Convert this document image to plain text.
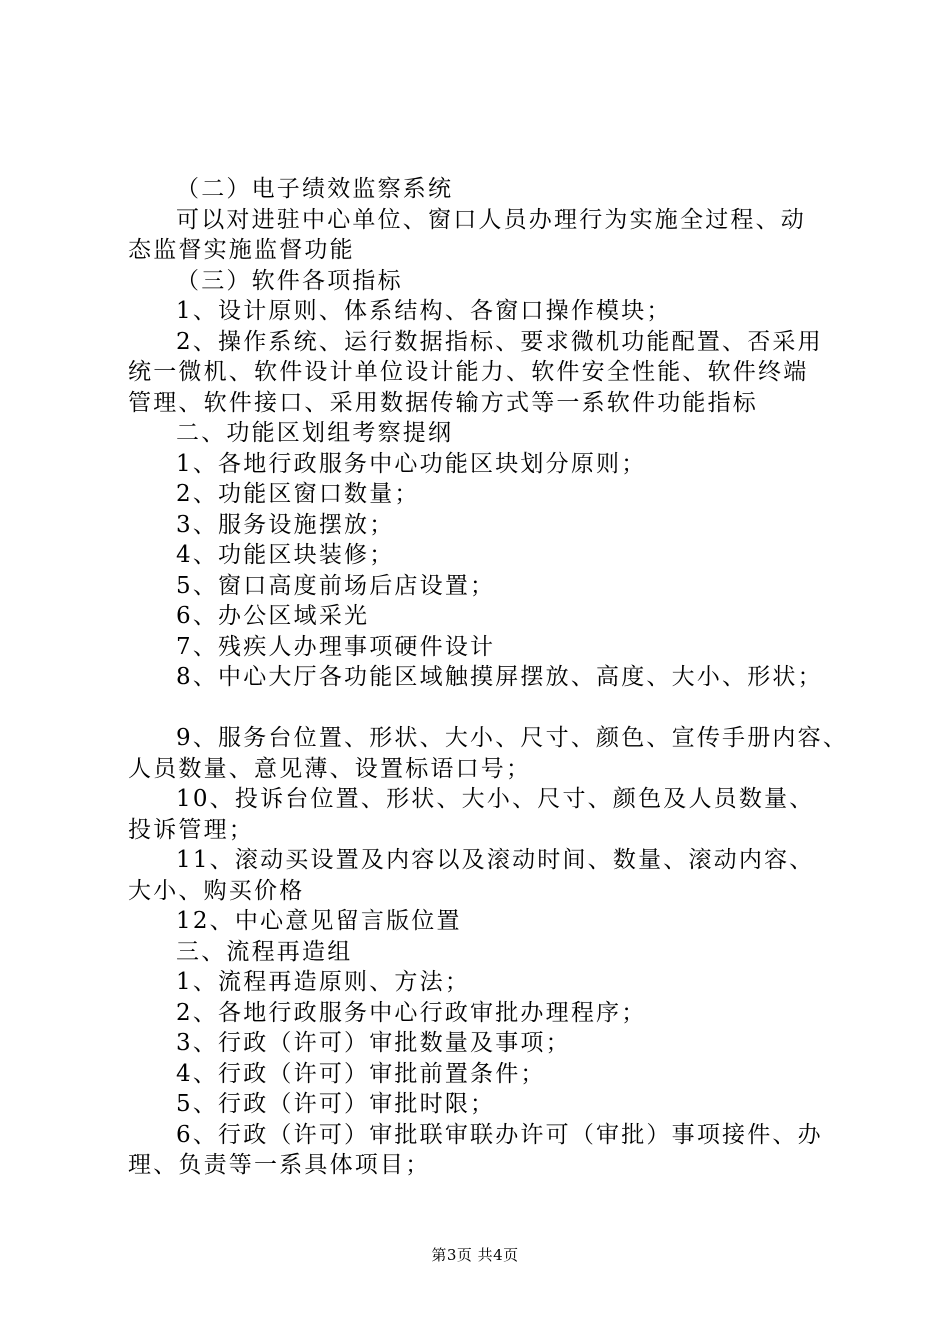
（二）电子绩效监察系统
可以对进驻中心单位、窗口人员办理行为实施全过程、动
态监督实施监督功能
（三）软件各项指标
1、设计原则、体系结构、各窗口操作模块；
2、操作系统、运行数据指标、要求微机功能配置、否采用
统一微机、软件设计单位设计能力、软件安全性能、软件终端
管理、软件接口、采用数据传输方式等一系软件功能指标
二、功能区划组考察提纲
1、各地行政服务中心功能区块划分原则；
2、功能区窗口数量；
3、服务设施摆放；
4、功能区块装修；
5、窗口高度前场后店设置；
6、办公区域采光
7、残疾人办理事项硬件设计
8、中心大厅各功能区域触摸屏摆放、高度、大小、形状；
9、服务台位置、形状、大小、尺寸、颜色、宣传手册内容、
人员数量、意见薄、设置标语口号；
10、投诉台位置、形状、大小、尺寸、颜色及人员数量、
投诉管理；
11、滚动买设置及内容以及滚动时间、数量、滚动内容、
大小、购买价格
12、中心意见留言版位置
三、流程再造组
1、流程再造原则、方法；
2、各地行政服务中心行政审批办理程序；
3、行政（许可）审批数量及事项；
4、行政（许可）审批前置条件；
5、行政（许可）审批时限；
6、行政（许可）审批联审联办许可（审批）事项接件、办
理、负责等一系具体项目；
第3页 共4页
